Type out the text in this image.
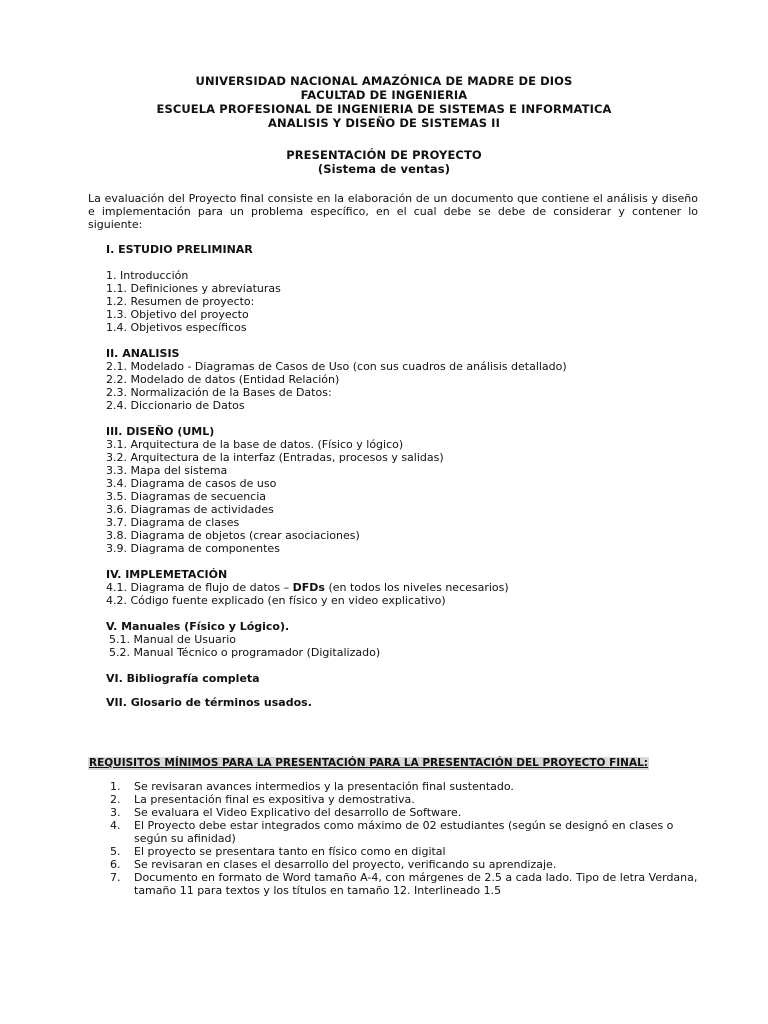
UNIVERSIDAD NACIONAL AMAZÓNICA DE MADRE DE DIOS
FACULTAD DE INGENIERIA
ESCUELA PROFESIONAL DE INGENIERIA DE SISTEMAS E INFORMATICA
ANALISIS Y DISEÑO DE SISTEMAS II
PRESENTACIÓN DE PROYECTO
(Sistema de ventas)
La evaluación del Proyecto final consiste en la elaboración de un documento que contiene el análisis y diseño e implementación para un problema específico, en el cual debe se debe de considerar y contener lo siguiente:
I. ESTUDIO PRELIMINAR
1. Introducción
1.1. Definiciones y abreviaturas
1.2. Resumen de proyecto:
1.3. Objetivo del proyecto
1.4. Objetivos específicos
II. ANALISIS
2.1. Modelado - Diagramas de Casos de Uso (con sus cuadros de análisis detallado)
2.2. Modelado de datos (Entidad Relación)
2.3. Normalización de la Bases de Datos:
2.4. Diccionario de Datos
III. DISEÑO (UML)
3.1. Arquitectura de la base de datos. (Físico y lógico)
3.2. Arquitectura de la interfaz (Entradas, procesos y salidas)
3.3. Mapa del sistema
3.4. Diagrama de casos de uso
3.5. Diagramas de secuencia
3.6. Diagramas de actividades
3.7. Diagrama de clases
3.8. Diagrama de objetos (crear asociaciones)
3.9. Diagrama de componentes
IV. IMPLEMETACIÓN
4.1. Diagrama de flujo de datos – DFDs (en todos los niveles necesarios)
4.2. Código fuente explicado (en físico y en video explicativo)
V. Manuales (Físico y Lógico).
5.1. Manual de Usuario
5.2. Manual Técnico o programador (Digitalizado)
VI. Bibliografía completa
VII. Glosario de términos usados.
REQUISITOS MÍNIMOS PARA LA PRESENTACIÓN PARA LA PRESENTACIÓN DEL PROYECTO FINAL:
1. Se revisaran avances intermedios y la presentación final sustentado.
2. La presentación final es expositiva y demostrativa.
3. Se evaluara el Video Explicativo del desarrollo de Software.
4. El Proyecto debe estar integrados como máximo de 02 estudiantes (según se designó en clases o según su afinidad)
5. El proyecto se presentara tanto en físico como en digital
6. Se revisaran en clases el desarrollo del proyecto, verificando su aprendizaje.
7. Documento en formato de Word tamaño A-4, con márgenes de 2.5 a cada lado. Tipo de letra Verdana, tamaño 11 para textos y los títulos en tamaño 12. Interlineado 1.5
